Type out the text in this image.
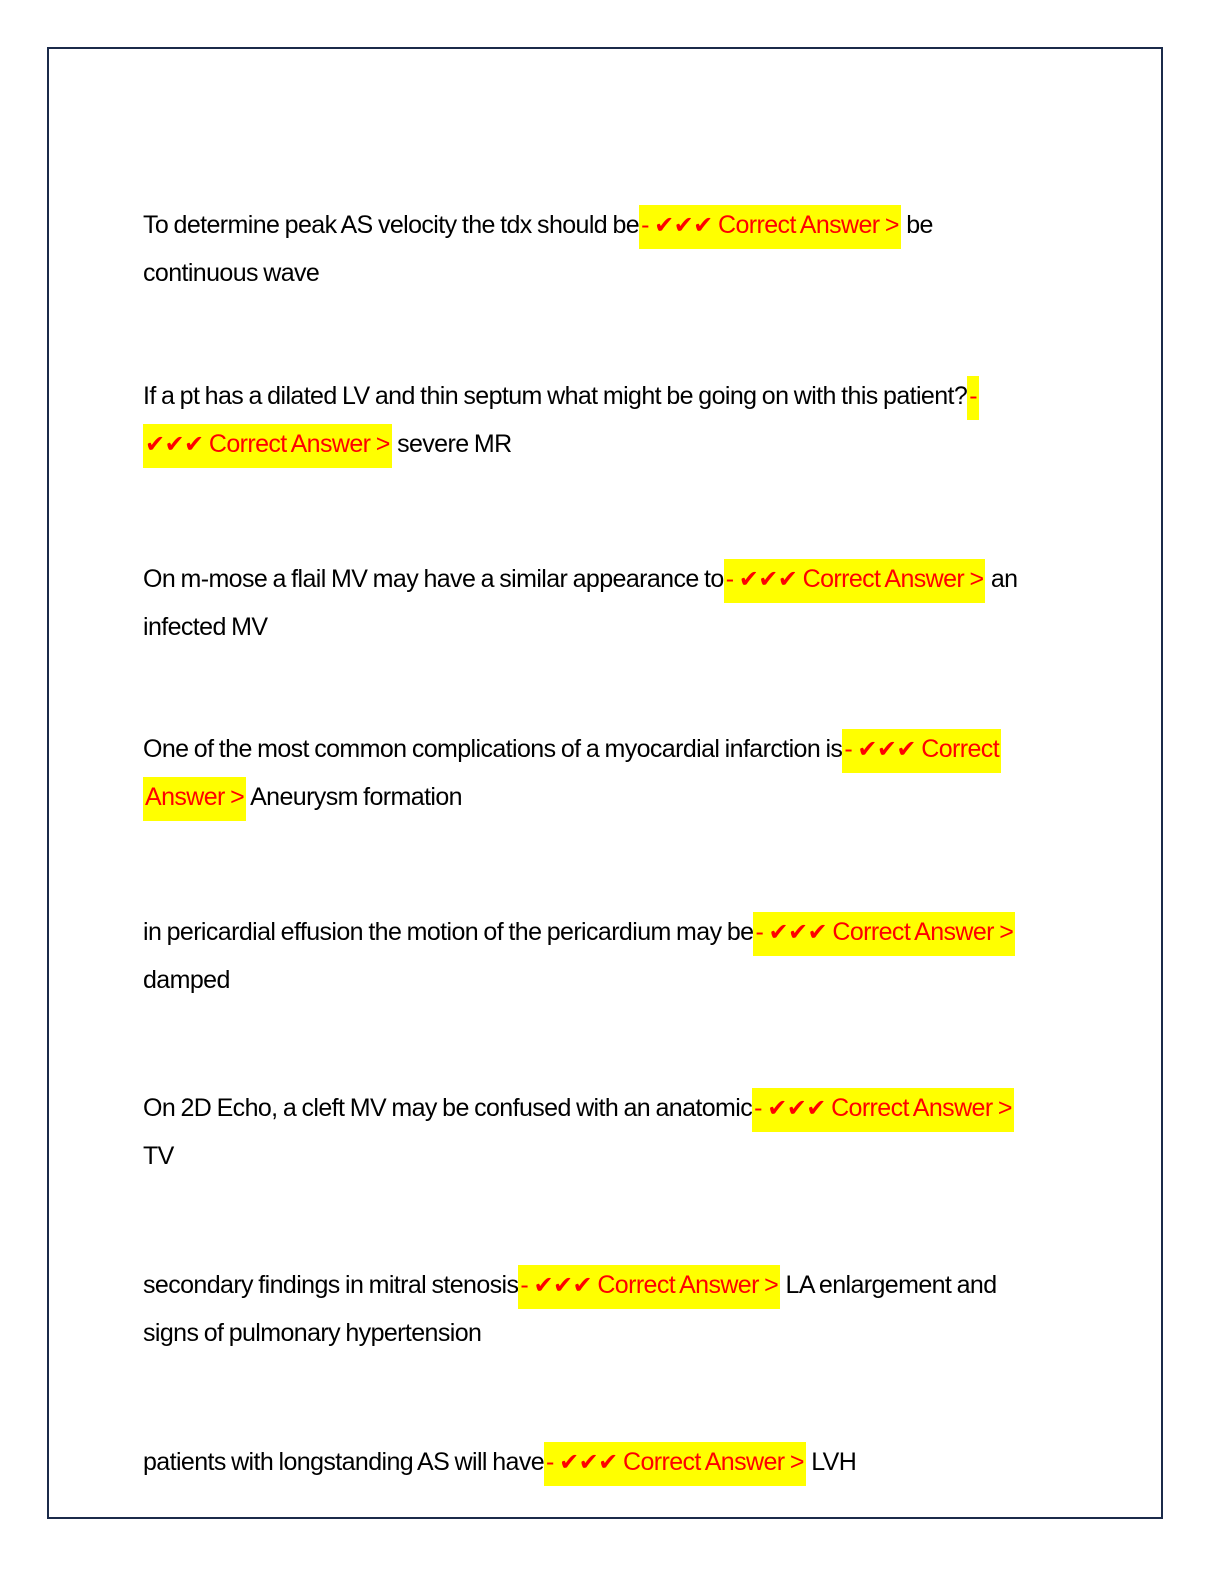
To determine peak AS velocity the tdx should be- ✔✔✔ Correct Answer > be continuous wave
If a pt has a dilated LV and thin septum what might be going on with this patient?- ✔✔✔ Correct Answer > severe MR
On m-mose a flail MV may have a similar appearance to- ✔✔✔ Correct Answer > an infected MV
One of the most common complications of a myocardial infarction is- ✔✔✔ Correct Answer > Aneurysm formation
in pericardial effusion the motion of the pericardium may be- ✔✔✔ Correct Answer > damped
On 2D Echo, a cleft MV may be confused with an anatomic- ✔✔✔ Correct Answer > TV
secondary findings in mitral stenosis- ✔✔✔ Correct Answer > LA enlargement and signs of pulmonary hypertension
patients with longstanding AS will have- ✔✔✔ Correct Answer > LVH
